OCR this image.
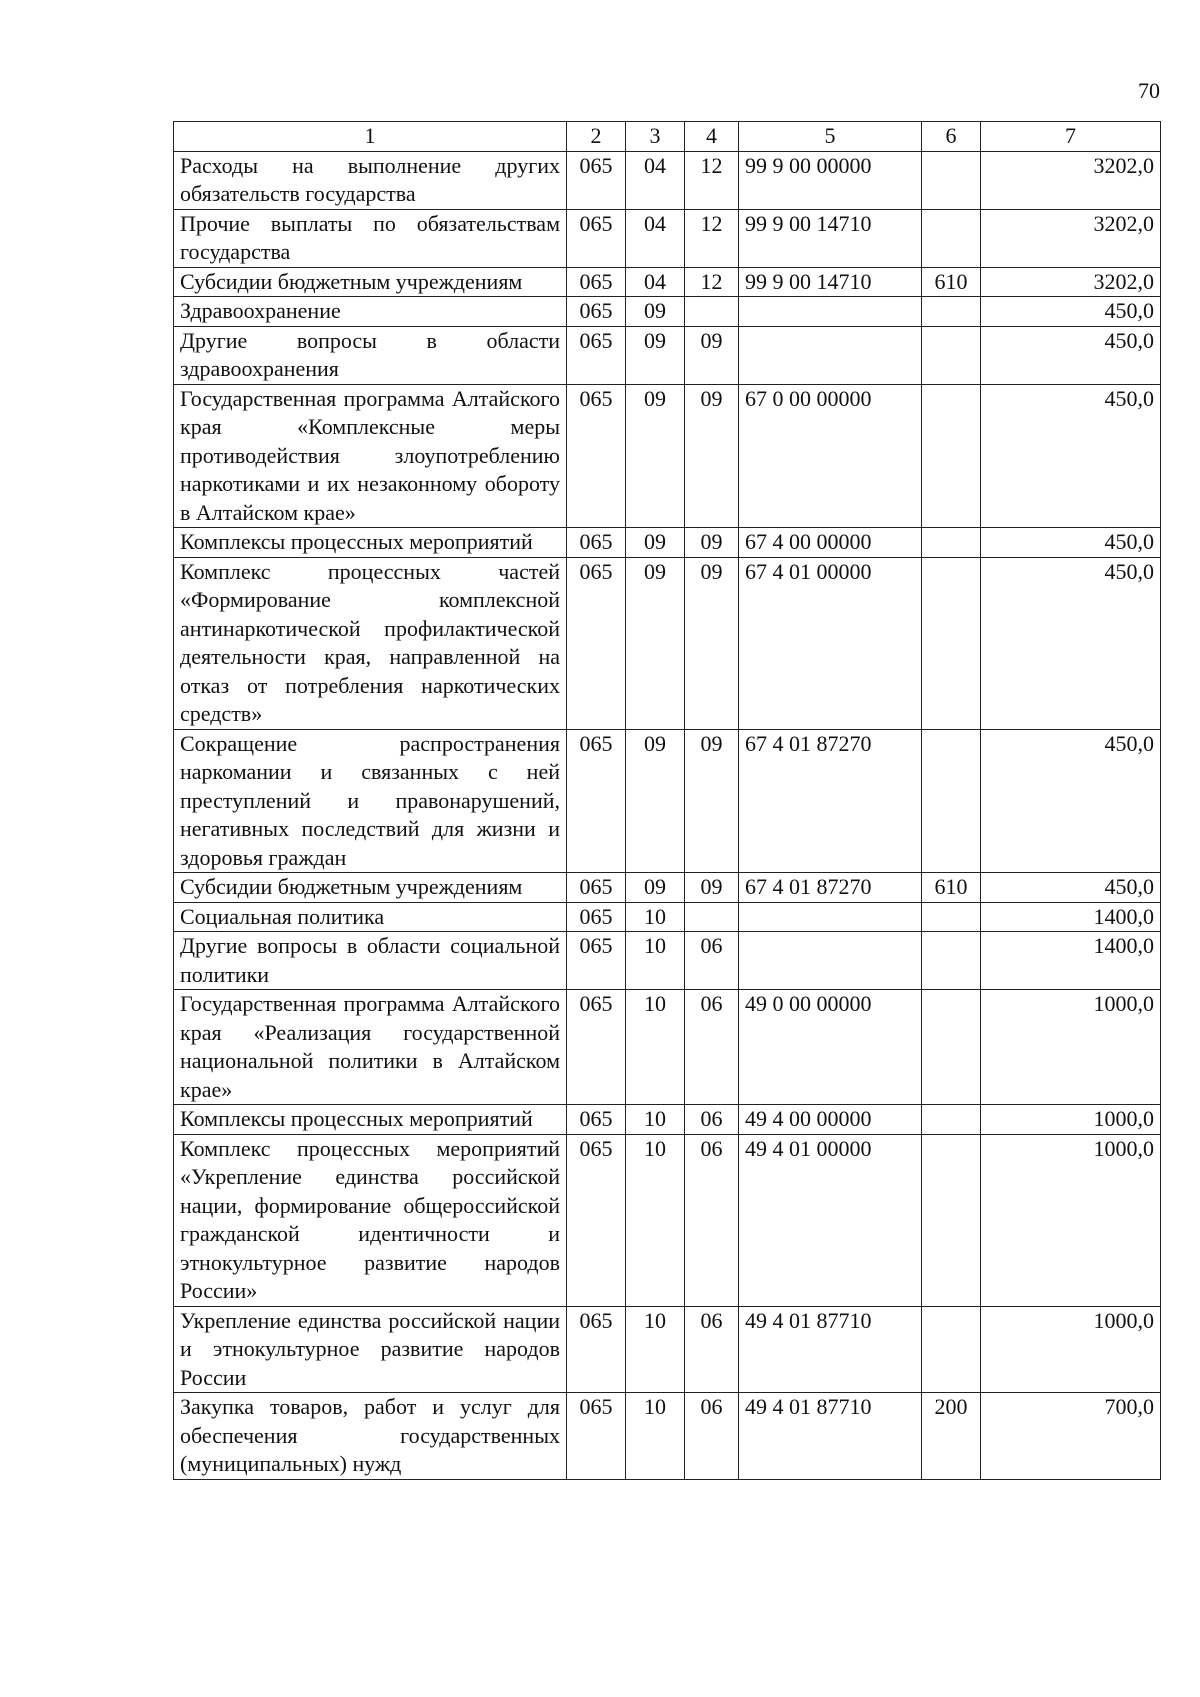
70
1	2	3	4	5	6	7
Расходы на выполнение других обязательств государства	065	04	12	99 9 00 00000		3202,0
Прочие выплаты по обязательствам государства	065	04	12	99 9 00 14710		3202,0
Субсидии бюджетным учреждениям	065	04	12	99 9 00 14710	610	3202,0
Здравоохранение	065	09				450,0
Другие вопросы в области здравоохранения	065	09	09			450,0
Государственная программа Алтайского края «Комплексные меры противодействия злоупотреблению наркотиками и их незаконному обороту в Алтайском крае»	065	09	09	67 0 00 00000		450,0
Комплексы процессных мероприятий	065	09	09	67 4 00 00000		450,0
Комплекс процессных частей «Формирование комплексной антинаркотической профилактической деятельности края, направленной на отказ от потребления наркотических средств»	065	09	09	67 4 01 00000		450,0
Сокращение распространения наркомании и связанных с ней преступлений и правонарушений, негативных последствий для жизни и здоровья граждан	065	09	09	67 4 01 87270		450,0
Субсидии бюджетным учреждениям	065	09	09	67 4 01 87270	610	450,0
Социальная политика	065	10				1400,0
Другие вопросы в области социальной политики	065	10	06			1400,0
Государственная программа Алтайского края «Реализация государственной национальной политики в Алтайском крае»	065	10	06	49 0 00 00000		1000,0
Комплексы процессных мероприятий	065	10	06	49 4 00 00000		1000,0
Комплекс процессных мероприятий «Укрепление единства российской нации, формирование общероссийской гражданской идентичности и этнокультурное развитие народов России»	065	10	06	49 4 01 00000		1000,0
Укрепление единства российской нации и этнокультурное развитие народов России	065	10	06	49 4 01 87710		1000,0
Закупка товаров, работ и услуг для обеспечения государственных (муниципальных) нужд	065	10	06	49 4 01 87710	200	700,0
